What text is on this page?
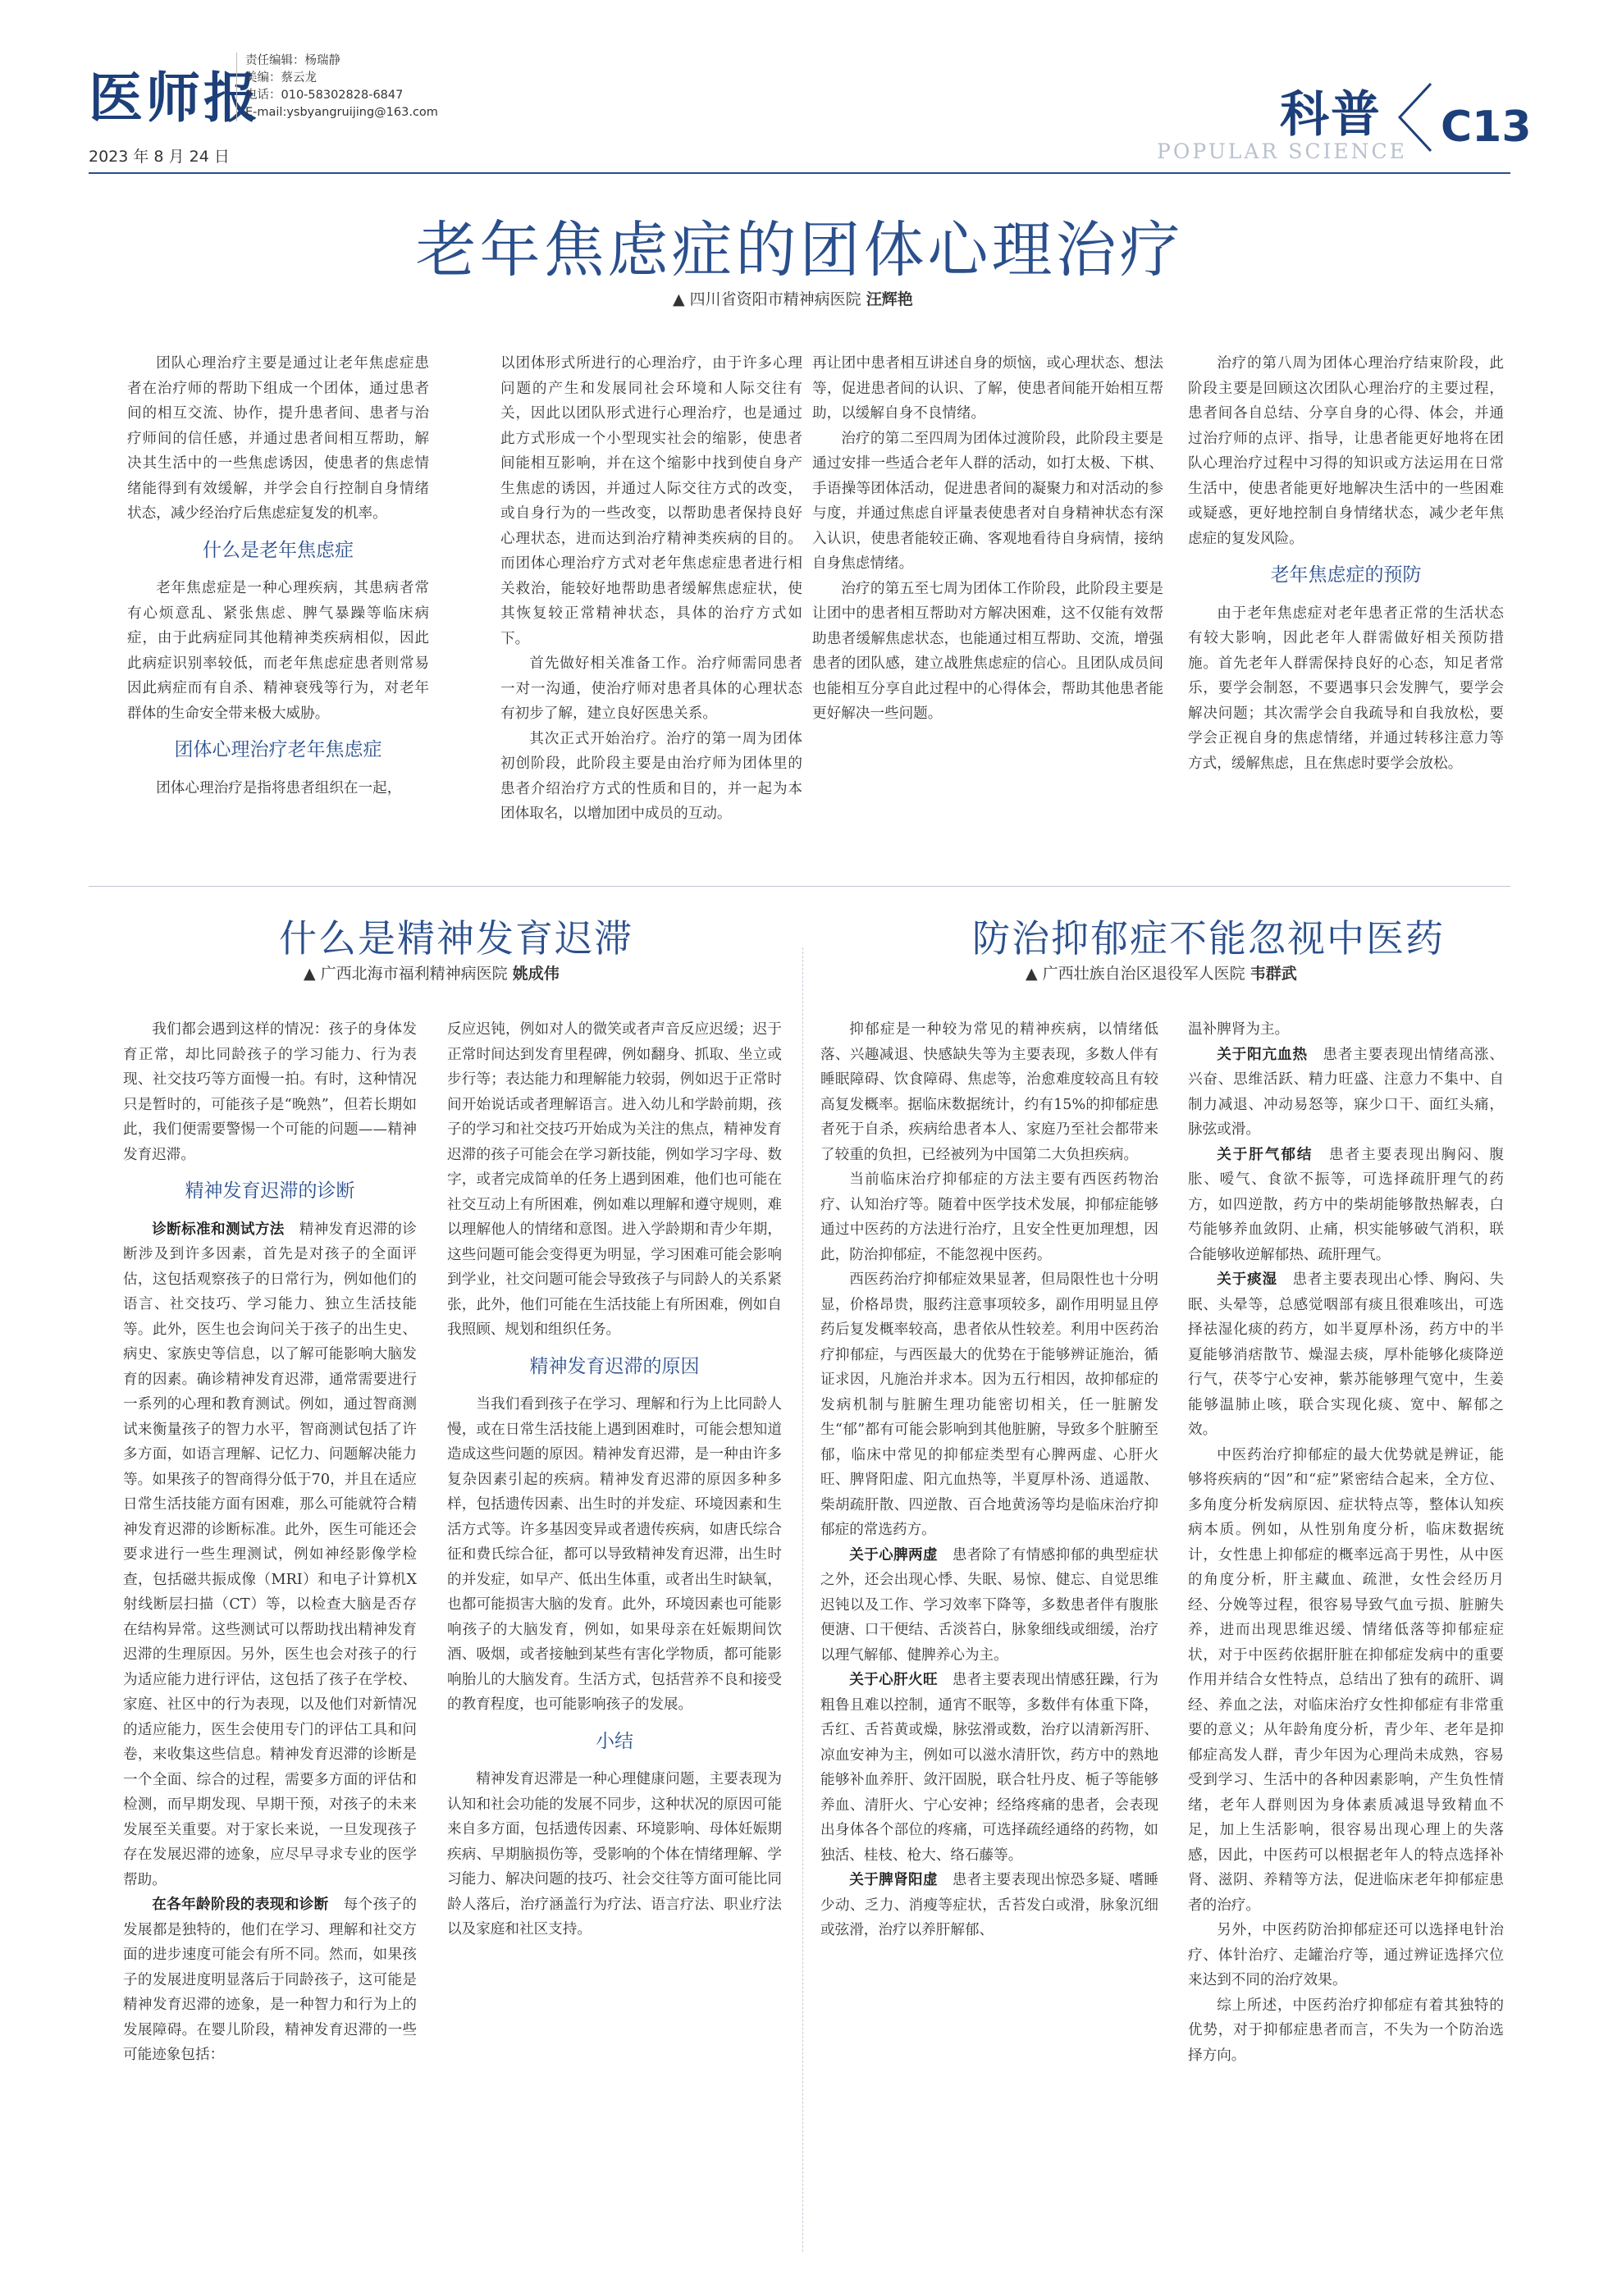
医师报
2023 年 8 月 24 日
责任编辑：杨瑞静
美编：蔡云龙
电话：010-58302828-6847
E-mail:ysbyangruijing@163.com	科普
POPULAR SCIENCE C13
老年焦虑症的团体心理治疗
▲ 四川省资阳市精神病医院 汪辉艳

团队心理治疗主要是通过让老年焦虑症患者在治疗师的帮助下组成一个团体，通过患者间的相互交流、协作，提升患者间、患者与治疗师间的信任感，并通过患者间相互帮助，解决其生活中的一些焦虑诱因，使患者的焦虑情绪能得到有效缓解，并学会自行控制自身情绪状态，减少经治疗后焦虑症复发的机率。

什么是老年焦虑症

老年焦虑症是一种心理疾病，其患病者常有心烦意乱、紧张焦虑、脾气暴躁等临床病症，由于此病症同其他精神类疾病相似，因此此病症识别率较低，而老年焦虑症患者则常易因此病症而有自杀、精神衰残等行为，对老年群体的生命安全带来极大威胁。

团体心理治疗老年焦虑症

团体心理治疗是指将患者组织在一起，

以团体形式所进行的心理治疗，由于许多心理问题的产生和发展同社会环境和人际交往有关，因此以团队形式进行心理治疗，也是通过此方式形成一个小型现实社会的缩影，使患者间能相互影响，并在这个缩影中找到使自身产生焦虑的诱因，并通过人际交往方式的改变，或自身行为的一些改变，以帮助患者保持良好心理状态，进而达到治疗精神类疾病的目的。而团体心理治疗方式对老年焦虑症患者进行相关救治，能较好地帮助患者缓解焦虑症状，使其恢复较正常精神状态，具体的治疗方式如下。

首先做好相关准备工作。治疗师需同患者一对一沟通，使治疗师对患者具体的心理状态有初步了解，建立良好医患关系。

其次正式开始治疗。治疗的第一周为团体初创阶段，此阶段主要是由治疗师为团体里的患者介绍治疗方式的性质和目的，并一起为本团体取名，以增加团中成员的互动。

再让团中患者相互讲述自身的烦恼，或心理状态、想法等，促进患者间的认识、了解，使患者间能开始相互帮助，以缓解自身不良情绪。

治疗的第二至四周为团体过渡阶段，此阶段主要是通过安排一些适合老年人群的活动，如打太极、下棋、手语操等团体活动，促进患者间的凝聚力和对活动的参与度，并通过焦虑自评量表使患者对自身精神状态有深入认识，使患者能较正确、客观地看待自身病情，接纳自身焦虑情绪。

治疗的第五至七周为团体工作阶段，此阶段主要是让团中的患者相互帮助对方解决困难，这不仅能有效帮助患者缓解焦虑状态，也能通过相互帮助、交流，增强患者的团队感，建立战胜焦虑症的信心。且团队成员间也能相互分享自此过程中的心得体会，帮助其他患者能更好解决一些问题。

治疗的第八周为团体心理治疗结束阶段，此阶段主要是回顾这次团队心理治疗的主要过程，患者间各自总结、分享自身的心得、体会，并通过治疗师的点评、指导，让患者能更好地将在团队心理治疗过程中习得的知识或方法运用在日常生活中，使患者能更好地解决生活中的一些困难或疑惑，更好地控制自身情绪状态，减少老年焦虑症的复发风险。

老年焦虑症的预防

由于老年焦虑症对老年患者正常的生活状态有较大影响，因此老年人群需做好相关预防措施。首先老年人群需保持良好的心态，知足者常乐，要学会制怒，不要遇事只会发脾气，要学会解决问题；其次需学会自我疏导和自我放松，要学会正视自身的焦虑情绪，并通过转移注意力等方式，缓解焦虑，且在焦虑时要学会放松。

什么是精神发育迟滞
▲ 广西北海市福利精神病医院 姚成伟

我们都会遇到这样的情况：孩子的身体发育正常，却比同龄孩子的学习能力、行为表现、社交技巧等方面慢一拍。有时，这种情况只是暂时的，可能孩子是“晚熟”，但若长期如此，我们便需要警惕一个可能的问题——精神发育迟滞。

精神发育迟滞的诊断

诊断标准和测试方法　精神发育迟滞的诊断涉及到许多因素，首先是对孩子的全面评估，这包括观察孩子的日常行为，例如他们的语言、社交技巧、学习能力、独立生活技能等。此外，医生也会询问关于孩子的出生史、病史、家族史等信息，以了解可能影响大脑发育的因素。确诊精神发育迟滞，通常需要进行一系列的心理和教育测试。例如，通过智商测试来衡量孩子的智力水平，智商测试包括了许多方面，如语言理解、记忆力、问题解决能力等。如果孩子的智商得分低于70，并且在适应日常生活技能方面有困难，那么可能就符合精神发育迟滞的诊断标准。此外，医生可能还会要求进行一些生理测试，例如神经影像学检查，包括磁共振成像（MRI）和电子计算机X射线断层扫描（CT）等，以检查大脑是否存在结构异常。这些测试可以帮助找出精神发育迟滞的生理原因。另外，医生也会对孩子的行为适应能力进行评估，这包括了孩子在学校、家庭、社区中的行为表现，以及他们对新情况的适应能力，医生会使用专门的评估工具和问卷，来收集这些信息。精神发育迟滞的诊断是一个全面、综合的过程，需要多方面的评估和检测，而早期发现、早期干预，对孩子的未来发展至关重要。对于家长来说，一旦发现孩子存在发展迟滞的迹象，应尽早寻求专业的医学帮助。

在各年龄阶段的表现和诊断　每个孩子的发展都是独特的，他们在学习、理解和社交方面的进步速度可能会有所不同。然而，如果孩子的发展进度明显落后于同龄孩子，这可能是精神发育迟滞的迹象，是一种智力和行为上的发展障碍。在婴儿阶段，精神发育迟滞的一些可能迹象包括：

反应迟钝，例如对人的微笑或者声音反应迟缓；迟于正常时间达到发育里程碑，例如翻身、抓取、坐立或步行等；表达能力和理解能力较弱，例如迟于正常时间开始说话或者理解语言。进入幼儿和学龄前期，孩子的学习和社交技巧开始成为关注的焦点，精神发育迟滞的孩子可能会在学习新技能，例如学习字母、数字，或者完成简单的任务上遇到困难，他们也可能在社交互动上有所困难，例如难以理解和遵守规则，难以理解他人的情绪和意图。进入学龄期和青少年期，这些问题可能会变得更为明显，学习困难可能会影响到学业，社交问题可能会导致孩子与同龄人的关系紧张，此外，他们可能在生活技能上有所困难，例如自我照顾、规划和组织任务。

精神发育迟滞的原因

当我们看到孩子在学习、理解和行为上比同龄人慢，或在日常生活技能上遇到困难时，可能会想知道造成这些问题的原因。精神发育迟滞，是一种由许多复杂因素引起的疾病。精神发育迟滞的原因多种多样，包括遗传因素、出生时的并发症、环境因素和生活方式等。许多基因变异或者遗传疾病，如唐氏综合征和费氏综合征，都可以导致精神发育迟滞，出生时的并发症，如早产、低出生体重，或者出生时缺氧，也都可能损害大脑的发育。此外，环境因素也可能影响孩子的大脑发育，例如，如果母亲在妊娠期间饮酒、吸烟，或者接触到某些有害化学物质，都可能影响胎儿的大脑发育。生活方式，包括营养不良和接受的教育程度，也可能影响孩子的发展。

小结

精神发育迟滞是一种心理健康问题，主要表现为认知和社会功能的发展不同步，这种状况的原因可能来自多方面，包括遗传因素、环境影响、母体妊娠期疾病、早期脑损伤等，受影响的个体在情绪理解、学习能力、解决问题的技巧、社会交往等方面可能比同龄人落后，治疗涵盖行为疗法、语言疗法、职业疗法以及家庭和社区支持。

防治抑郁症不能忽视中医药
▲ 广西壮族自治区退役军人医院 韦群武

抑郁症是一种较为常见的精神疾病，以情绪低落、兴趣减退、快感缺失等为主要表现，多数人伴有睡眠障碍、饮食障碍、焦虑等，治愈难度较高且有较高复发概率。据临床数据统计，约有15%的抑郁症患者死于自杀，疾病给患者本人、家庭乃至社会都带来了较重的负担，已经被列为中国第二大负担疾病。

当前临床治疗抑郁症的方法主要有西医药物治疗、认知治疗等。随着中医学技术发展，抑郁症能够通过中医药的方法进行治疗，且安全性更加理想，因此，防治抑郁症，不能忽视中医药。

西医药治疗抑郁症效果显著，但局限性也十分明显，价格昂贵，服药注意事项较多，副作用明显且停药后复发概率较高，患者依从性较差。利用中医药治疗抑郁症，与西医最大的优势在于能够辨证施治，循证求因，凡施治并求本。因为五行相因，故抑郁症的发病机制与脏腑生理功能密切相关，任一脏腑发生“郁”都有可能会影响到其他脏腑，导致多个脏腑至郁，临床中常见的抑郁症类型有心脾两虚、心肝火旺、脾肾阳虚、阳亢血热等，半夏厚朴汤、逍遥散、柴胡疏肝散、四逆散、百合地黄汤等均是临床治疗抑郁症的常选药方。

关于心脾两虚　患者除了有情感抑郁的典型症状之外，还会出现心悸、失眠、易惊、健忘、自觉思维迟钝以及工作、学习效率下降等，多数患者伴有腹胀便溏、口干便结、舌淡苔白，脉象细线或细缓，治疗以理气解郁、健脾养心为主。

关于心肝火旺　患者主要表现出情感狂躁，行为粗鲁且难以控制，通宵不眠等，多数伴有体重下降，舌红、舌苔黄或燥，脉弦滑或数，治疗以清新泻肝、凉血安神为主，例如可以滋水清肝饮，药方中的熟地能够补血养肝、敛汗固脱，联合牡丹皮、栀子等能够养血、清肝火、宁心安神；经络疼痛的患者，会表现出身体各个部位的疼痛，可选择疏经通络的药物，如独活、桂枝、枪大、络石藤等。

关于脾肾阳虚　患者主要表现出惊恐多疑、嗜睡少动、乏力、消瘦等症状，舌苔发白或滑，脉象沉细或弦滑，治疗以养肝解郁、

温补脾肾为主。

关于阳亢血热　患者主要表现出情绪高涨、兴奋、思维活跃、精力旺盛、注意力不集中、自制力减退、冲动易怒等，寐少口干、面红头痛，脉弦或滑。

关于肝气郁结　患者主要表现出胸闷、腹胀、嗳气、食欲不振等，可选择疏肝理气的药方，如四逆散，药方中的柴胡能够散热解表，白芍能够养血敛阴、止痛，枳实能够破气消积，联合能够收逆解郁热、疏肝理气。

关于痰湿　患者主要表现出心悸、胸闷、失眠、头晕等，总感觉咽部有痰且很难咳出，可选择祛湿化痰的药方，如半夏厚朴汤，药方中的半夏能够消痞散节、燥湿去痰，厚朴能够化痰降逆行气，茯苓宁心安神，紫苏能够理气宽中，生姜能够温肺止咳，联合实现化痰、宽中、解郁之效。

中医药治疗抑郁症的最大优势就是辨证，能够将疾病的“因”和“症”紧密结合起来，全方位、多角度分析发病原因、症状特点等，整体认知疾病本质。例如，从性别角度分析，临床数据统计，女性患上抑郁症的概率远高于男性，从中医的角度分析，肝主藏血、疏泄，女性会经历月经、分娩等过程，很容易导致气血亏损、脏腑失养，进而出现思维迟缓、情绪低落等抑郁症症状，对于中医药依据肝脏在抑郁症发病中的重要作用并结合女性特点，总结出了独有的疏肝、调经、养血之法，对临床治疗女性抑郁症有非常重要的意义；从年龄角度分析，青少年、老年是抑郁症高发人群，青少年因为心理尚未成熟，容易受到学习、生活中的各种因素影响，产生负性情绪，老年人群则因为身体素质减退导致精血不足，加上生活影响，很容易出现心理上的失落感，因此，中医药可以根据老年人的特点选择补肾、滋阴、养精等方法，促进临床老年抑郁症患者的治疗。

另外，中医药防治抑郁症还可以选择电针治疗、体针治疗、走罐治疗等，通过辨证选择穴位来达到不同的治疗效果。

综上所述，中医药治疗抑郁症有着其独特的优势，对于抑郁症患者而言，不失为一个防治选择方向。
